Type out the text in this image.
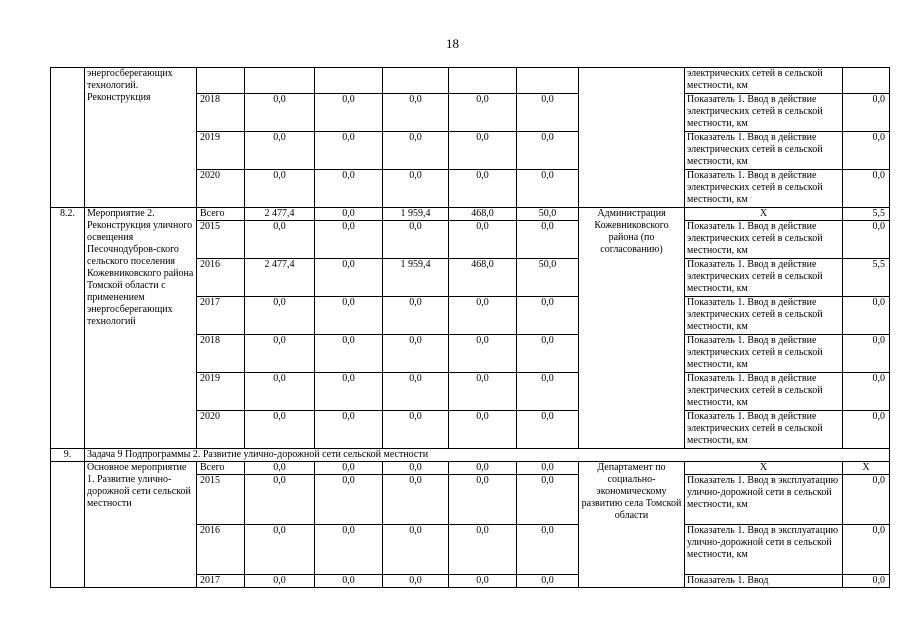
18
	энергосберегающих технологий. Реконструкция								электрических сетей в сельской местности, км	
		2018	0,0	0,0	0,0	0,0	0,0		Показатель 1. Ввод в действие электрических сетей в сельской местности, км	0,0
		2019	0,0	0,0	0,0	0,0	0,0		Показатель 1. Ввод в действие электрических сетей в сельской местности, км	0,0
		2020	0,0	0,0	0,0	0,0	0,0		Показатель 1. Ввод в действие электрических сетей в сельской местности, км	0,0
8.2.	Мероприятие 2. Реконструкция уличного освещения Песочнодубров-ского сельского поселения Кожевниковского района Томской области с применением энергосберегающих технологий	Всего	2 477,4	0,0	1 959,4	468,0	50,0	Администрация Кожевниковского района (по согласованию)	Х	5,5
		2015	0,0	0,0	0,0	0,0	0,0		Показатель 1. Ввод в действие электрических сетей в сельской местности, км	0,0
		2016	2 477,4	0,0	1 959,4	468,0	50,0		Показатель 1. Ввод в действие электрических сетей в сельской местности, км	5,5
		2017	0,0	0,0	0,0	0,0	0,0		Показатель 1. Ввод в действие электрических сетей в сельской местности, км	0,0
		2018	0,0	0,0	0,0	0,0	0,0		Показатель 1. Ввод в действие электрических сетей в сельской местности, км	0,0
		2019	0,0	0,0	0,0	0,0	0,0		Показатель 1. Ввод в действие электрических сетей в сельской местности, км	0,0
		2020	0,0	0,0	0,0	0,0	0,0		Показатель 1. Ввод в действие электрических сетей в сельской местности, км	0,0
9.	Задача 9 Подпрограммы 2. Развитие улично-дорожной сети сельской местности									
	Основное мероприятие 1. Развитие улично-дорожной сети сельской местности	Всего	0,0	0,0	0,0	0,0	0,0	Департамент по социально-экономическому развитию села Томской области	Х	Х
		2015	0,0	0,0	0,0	0,0	0,0		Показатель 1. Ввод в эксплуатацию улично-дорожной сети в сельской местности, км	0,0
		2016	0,0	0,0	0,0	0,0	0,0		Показатель 1. Ввод в эксплуатацию улично-дорожной сети в сельской местности, км	0,0
		2017	0,0	0,0	0,0	0,0	0,0		Показатель 1. Ввод	0,0
